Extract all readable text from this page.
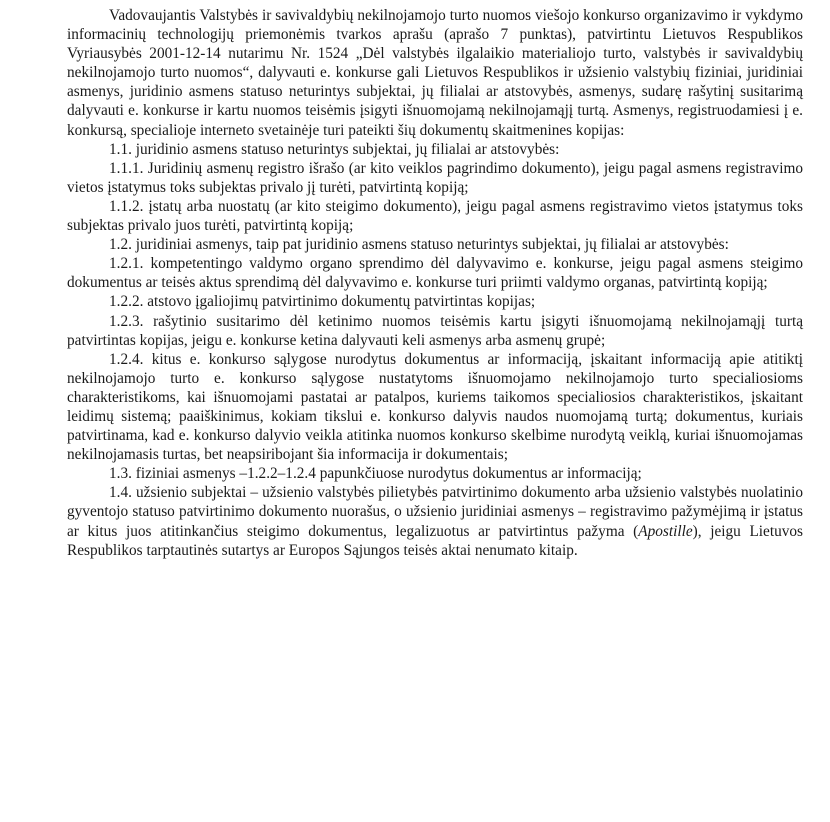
Vadovaujantis Valstybės ir savivaldybių nekilnojamojo turto nuomos viešojo konkurso organizavimo ir vykdymo informacinių technologijų priemonėmis tvarkos aprašu (aprašo 7 punktas), patvirtintu Lietuvos Respublikos Vyriausybės 2001-12-14 nutarimu Nr. 1524 „Dėl valstybės ilgalaikio materialiojo turto, valstybės ir savivaldybių nekilnojamojo turto nuomos“, dalyvauti e. konkurse gali Lietuvos Respublikos ir užsienio valstybių fiziniai, juridiniai asmenys, juridinio asmens statuso neturintys subjektai, jų filialai ar atstovybės, asmenys, sudarę rašytinį susitarimą dalyvauti e. konkurse ir kartu nuomos teisėmis įsigyti išnuomojamą nekilnojamąjį turtą. Asmenys, registruodamiesi į e. konkursą, specialioje interneto svetainėje turi pateikti šių dokumentų skaitmenines kopijas:

1.1. juridinio asmens statuso neturintys subjektai, jų filialai ar atstovybės:

1.1.1. Juridinių asmenų registro išrašo (ar kito veiklos pagrindimo dokumento), jeigu pagal asmens registravimo vietos įstatymus toks subjektas privalo jį turėti, patvirtintą kopiją;

1.1.2. įstatų arba nuostatų (ar kito steigimo dokumento), jeigu pagal asmens registravimo vietos įstatymus toks subjektas privalo juos turėti, patvirtintą kopiją;

1.2. juridiniai asmenys, taip pat juridinio asmens statuso neturintys subjektai, jų filialai ar atstovybės:

1.2.1. kompetentingo valdymo organo sprendimo dėl dalyvavimo e. konkurse, jeigu pagal asmens steigimo dokumentus ar teisės aktus sprendimą dėl dalyvavimo e. konkurse turi priimti valdymo organas, patvirtintą kopiją;

1.2.2. atstovo įgaliojimų patvirtinimo dokumentų patvirtintas kopijas;

1.2.3. rašytinio susitarimo dėl ketinimo nuomos teisėmis kartu įsigyti išnuomojamą nekilnojamąjį turtą patvirtintas kopijas, jeigu e. konkurse ketina dalyvauti keli asmenys arba asmenų grupė;

1.2.4. kitus e. konkurso sąlygose nurodytus dokumentus ar informaciją, įskaitant informaciją apie atitiktį nekilnojamojo turto e. konkurso sąlygose nustatytoms išnuomojamo nekilnojamojo turto specialiosioms charakteristikoms, kai išnuomojami pastatai ar patalpos, kuriems taikomos specialiosios charakteristikos, įskaitant leidimų sistemą; paaiškinimus, kokiam tikslui e. konkurso dalyvis naudos nuomojamą turtą; dokumentus, kuriais patvirtinama, kad e. konkurso dalyvio veikla atitinka nuomos konkurso skelbime nurodytą veiklą, kuriai išnuomojamas nekilnojamasis turtas, bet neapsiribojant šia informacija ir dokumentais;

1.3. fiziniai asmenys –1.2.2–1.2.4 papunkčiuose nurodytus dokumentus ar informaciją;

1.4. užsienio subjektai – užsienio valstybės pilietybės patvirtinimo dokumento arba užsienio valstybės nuolatinio gyventojo statuso patvirtinimo dokumento nuorašus, o užsienio juridiniai asmenys – registravimo pažymėjimą ir įstatus ar kitus juos atitinkančius steigimo dokumentus, legalizuotus ar patvirtintus pažyma (Apostille), jeigu Lietuvos Respublikos tarptautinės sutartys ar Europos Sąjungos teisės aktai nenumato kitaip.
